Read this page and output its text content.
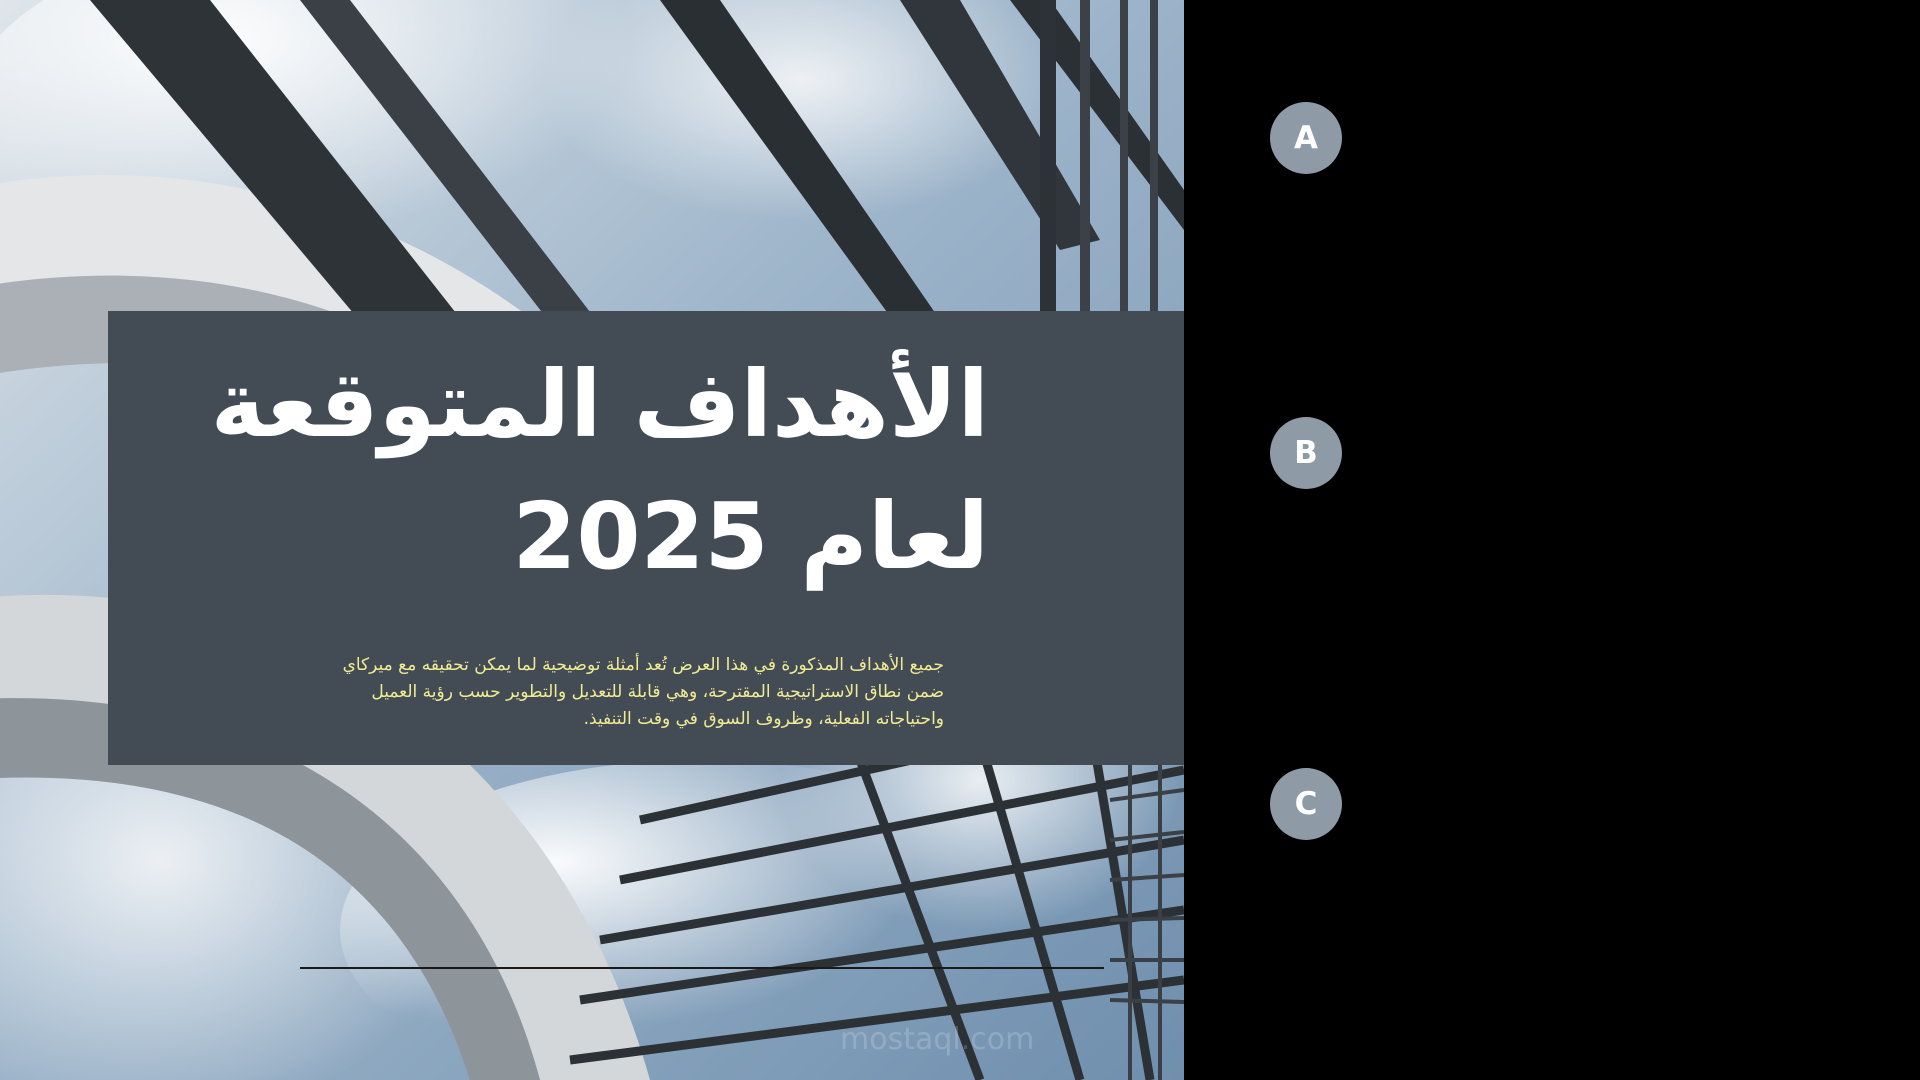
mostaql.com
الأهداف المتوقعة
لعام 2025
جميع الأهداف المذكورة في هذا العرض تُعد أمثلة توضيحية لما يمكن تحقيقه مع ميركاي ضمن نطاق الاستراتيجية المقترحة، وهي قابلة للتعديل والتطوير حسب رؤية العميل واحتياجاته الفعلية، وظروف السوق في وقت التنفيذ.
A
B
C
